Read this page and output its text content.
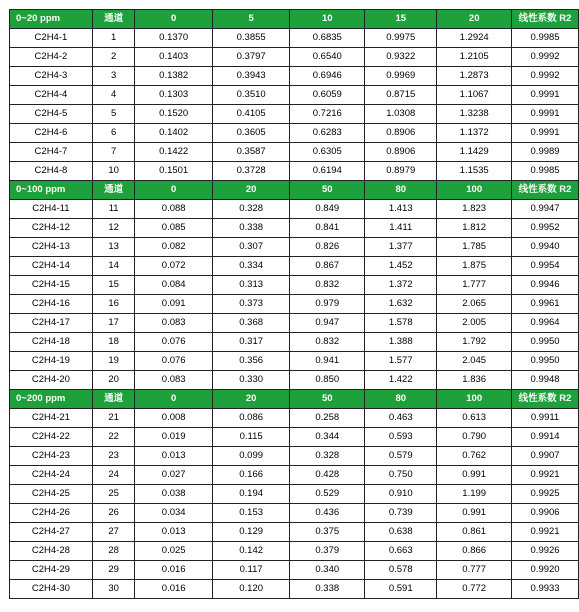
0~20 ppm	通道	0	5	10	15	20	线性系数 R2
C2H4-1	1	0.1370	0.3855	0.6835	0.9975	1.2924	0.9985
C2H4-2	2	0.1403	0.3797	0.6540	0.9322	1.2105	0.9992
C2H4-3	3	0.1382	0.3943	0.6946	0.9969	1.2873	0.9992
C2H4-4	4	0.1303	0.3510	0.6059	0.8715	1.1067	0.9991
C2H4-5	5	0.1520	0.4105	0.7216	1.0308	1.3238	0.9991
C2H4-6	6	0.1402	0.3605	0.6283	0.8906	1.1372	0.9991
C2H4-7	7	0.1422	0.3587	0.6305	0.8906	1.1429	0.9989
C2H4-8	10	0.1501	0.3728	0.6194	0.8979	1.1535	0.9985
0~100 ppm	通道	0	20	50	80	100	线性系数 R2
C2H4-11	11	0.088	0.328	0.849	1.413	1.823	0.9947
C2H4-12	12	0.085	0.338	0.841	1.411	1.812	0.9952
C2H4-13	13	0.082	0.307	0.826	1.377	1.785	0.9940
C2H4-14	14	0.072	0.334	0.867	1.452	1.875	0.9954
C2H4-15	15	0.084	0.313	0.832	1.372	1.777	0.9946
C2H4-16	16	0.091	0.373	0.979	1.632	2.065	0.9961
C2H4-17	17	0.083	0.368	0.947	1.578	2.005	0.9964
C2H4-18	18	0.076	0.317	0.832	1.388	1.792	0.9950
C2H4-19	19	0.076	0.356	0.941	1.577	2.045	0.9950
C2H4-20	20	0.083	0.330	0.850	1.422	1.836	0.9948
0~200 ppm	通道	0	20	50	80	100	线性系数 R2
C2H4-21	21	0.008	0.086	0.258	0.463	0.613	0.9911
C2H4-22	22	0.019	0.115	0.344	0.593	0.790	0.9914
C2H4-23	23	0.013	0.099	0.328	0.579	0.762	0.9907
C2H4-24	24	0.027	0.166	0.428	0.750	0.991	0.9921
C2H4-25	25	0.038	0.194	0.529	0.910	1.199	0.9925
C2H4-26	26	0.034	0.153	0.436	0.739	0.991	0.9906
C2H4-27	27	0.013	0.129	0.375	0.638	0.861	0.9921
C2H4-28	28	0.025	0.142	0.379	0.663	0.866	0.9926
C2H4-29	29	0.016	0.117	0.340	0.578	0.777	0.9920
C2H4-30	30	0.016	0.120	0.338	0.591	0.772	0.9933
